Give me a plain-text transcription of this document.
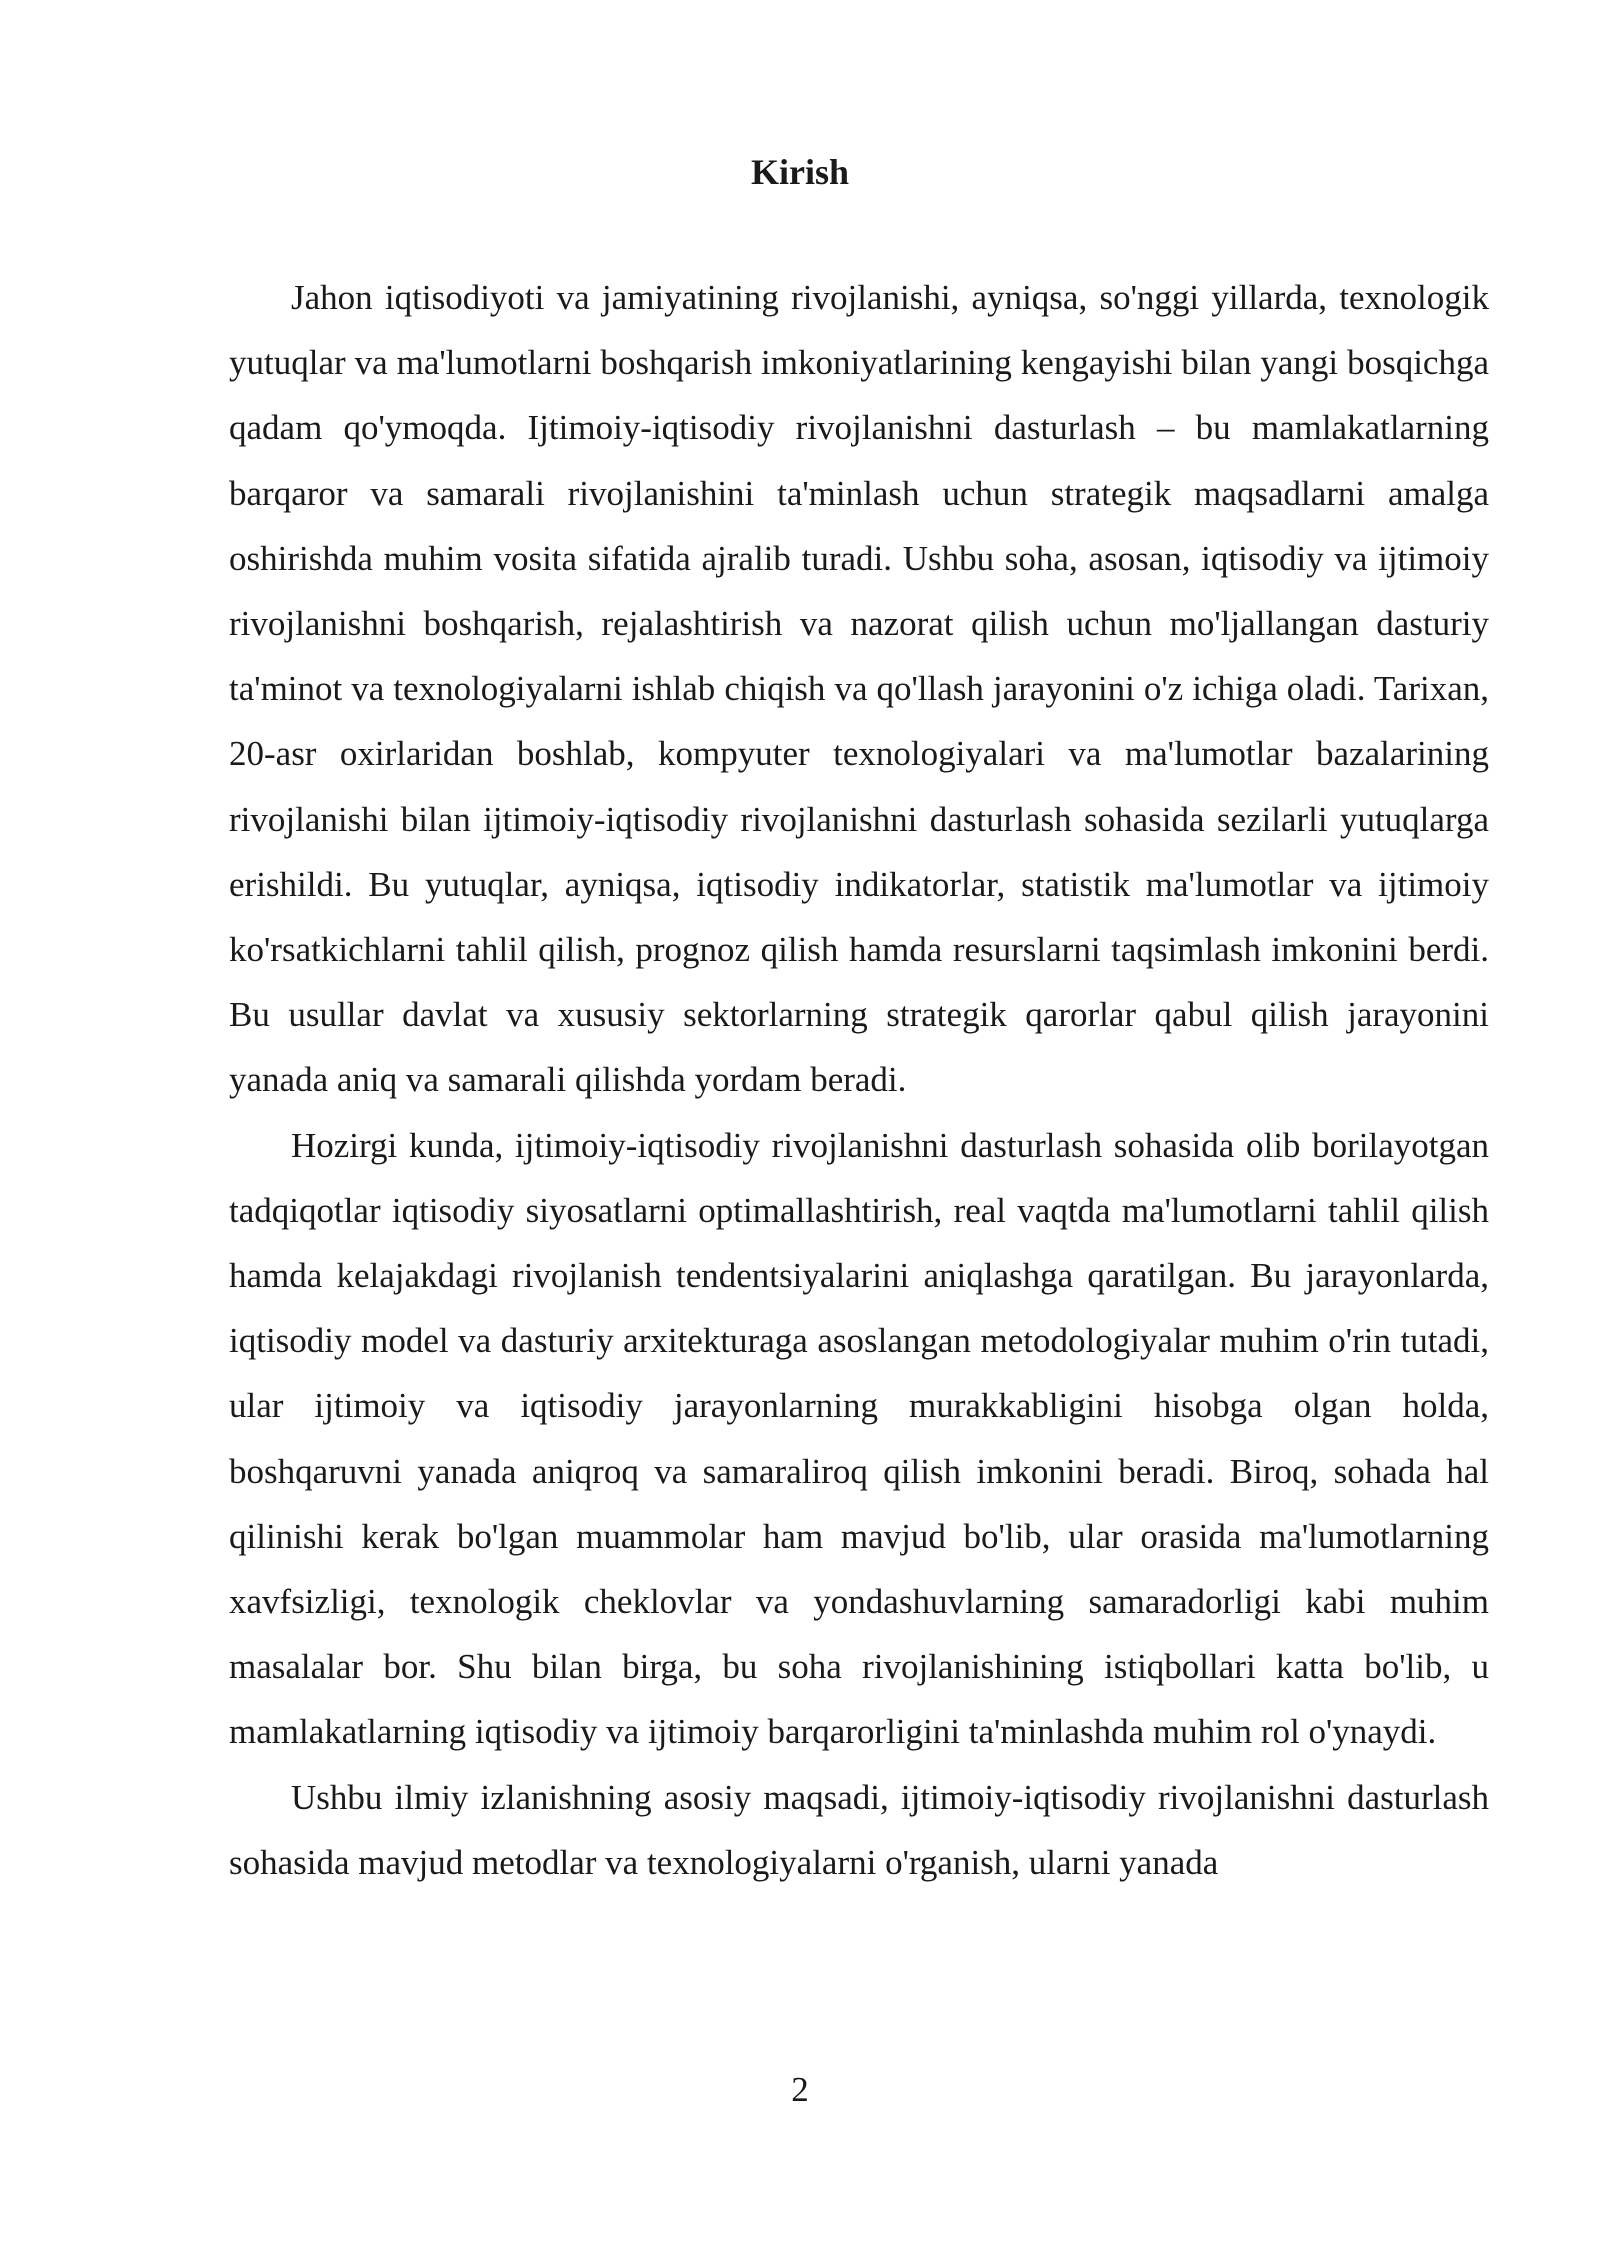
Kirish

Jahon iqtisodiyoti va jamiyatining rivojlanishi, ayniqsa, so'nggi yillarda, texnologik yutuqlar va ma'lumotlarni boshqarish imkoniyatlarining kengayishi bilan yangi bosqichga qadam qo'ymoqda. Ijtimoiy-iqtisodiy rivojlanishni dasturlash – bu mamlakatlarning barqaror va samarali rivojlanishini ta'minlash uchun strategik maqsadlarni amalga oshirishda muhim vosita sifatida ajralib turadi. Ushbu soha, asosan, iqtisodiy va ijtimoiy rivojlanishni boshqarish, rejalashtirish va nazorat qilish uchun mo'ljallangan dasturiy ta'minot va texnologiyalarni ishlab chiqish va qo'llash jarayonini o'z ichiga oladi. Tarixan, 20-asr oxirlaridan boshlab, kompyuter texnologiyalari va ma'lumotlar bazalarining rivojlanishi bilan ijtimoiy-iqtisodiy rivojlanishni dasturlash sohasida sezilarli yutuqlarga erishildi. Bu yutuqlar, ayniqsa, iqtisodiy indikatorlar, statistik ma'lumotlar va ijtimoiy ko'rsatkichlarni tahlil qilish, prognoz qilish hamda resurslarni taqsimlash imkonini berdi. Bu usullar davlat va xususiy sektorlarning strategik qarorlar qabul qilish jarayonini yanada aniq va samarali qilishda yordam beradi.

Hozirgi kunda, ijtimoiy-iqtisodiy rivojlanishni dasturlash sohasida olib borilayotgan tadqiqotlar iqtisodiy siyosatlarni optimallashtirish, real vaqtda ma'lumotlarni tahlil qilish hamda kelajakdagi rivojlanish tendentsiyalarini aniqlashga qaratilgan. Bu jarayonlarda, iqtisodiy model va dasturiy arxitekturaga asoslangan metodologiyalar muhim o'rin tutadi, ular ijtimoiy va iqtisodiy jarayonlarning murakkabligini hisobga olgan holda, boshqaruvni yanada aniqroq va samaraliroq qilish imkonini beradi. Biroq, sohada hal qilinishi kerak bo'lgan muammolar ham mavjud bo'lib, ular orasida ma'lumotlarning xavfsizligi, texnologik cheklovlar va yondashuvlarning samaradorligi kabi muhim masalalar bor. Shu bilan birga, bu soha rivojlanishining istiqbollari katta bo'lib, u mamlakatlarning iqtisodiy va ijtimoiy barqarorligini ta'minlashda muhim rol o'ynaydi.

Ushbu ilmiy izlanishning asosiy maqsadi, ijtimoiy-iqtisodiy rivojlanishni dasturlash sohasida mavjud metodlar va texnologiyalarni o'rganish, ularni yanada

2
